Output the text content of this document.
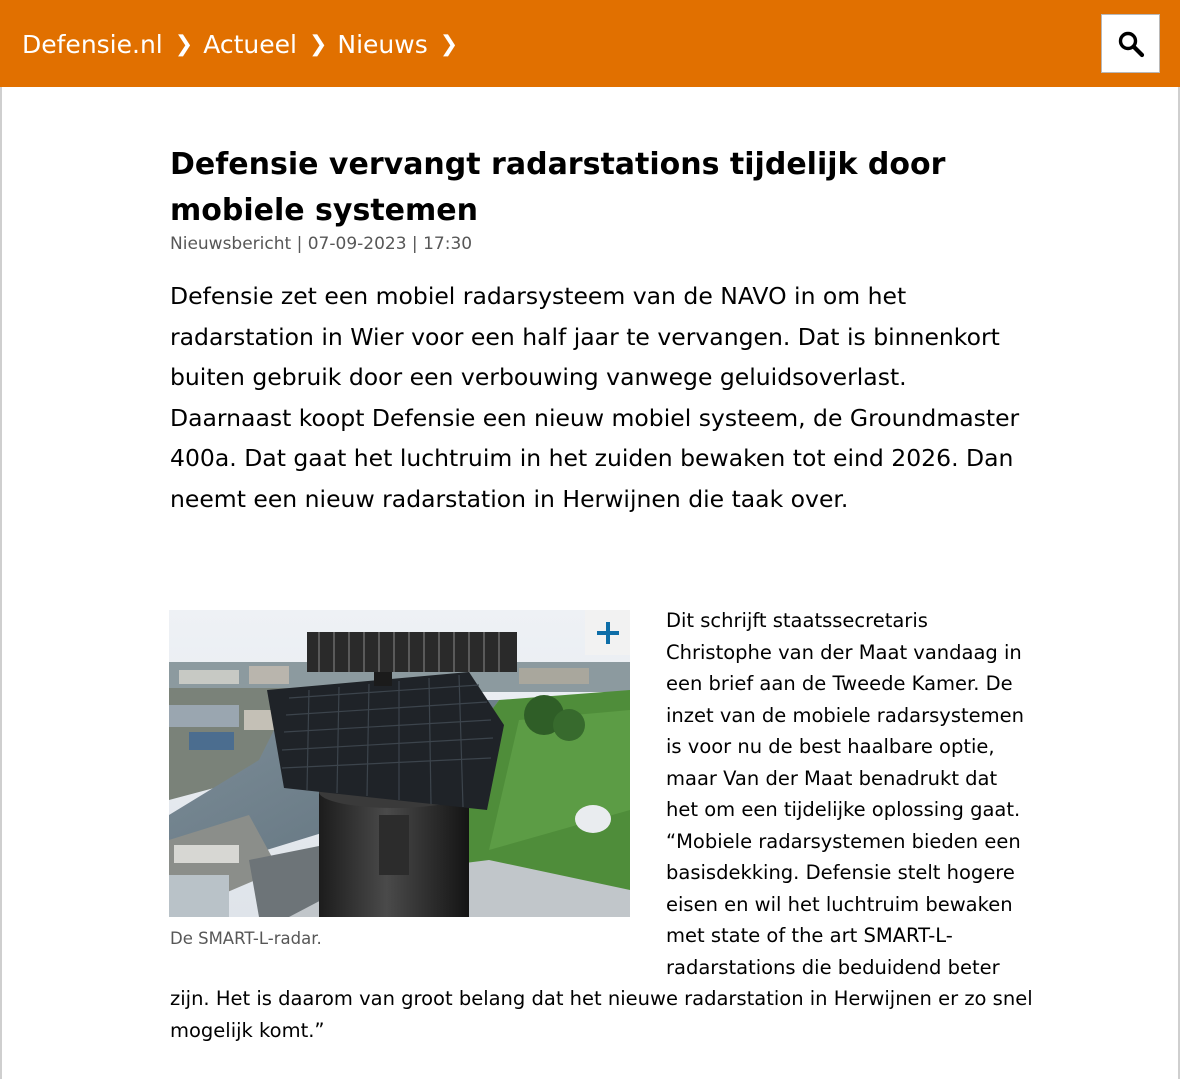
Defensie.nl ❯ Actueel ❯ Nieuws ❯
Defensie vervangt radarstations tijdelijk door mobiele systemen
Nieuwsbericht | 07-09-2023 | 17:30

Defensie zet een mobiel radarsysteem van de NAVO in om het radarstation in Wier voor een half jaar te vervangen. Dat is binnenkort buiten gebruik door een verbouwing vanwege geluidsoverlast. Daarnaast koopt Defensie een nieuw mobiel systeem, de Groundmaster 400a. Dat gaat het luchtruim in het zuiden bewaken tot eind 2026. Dan neemt een nieuw radarstation in Herwijnen die taak over.

De SMART-L-radar.

Dit schrijft staatssecretaris
Christophe van der Maat vandaag in
een brief aan de Tweede Kamer. De
inzet van de mobiele radarsystemen
is voor nu de best haalbare optie,
maar Van der Maat benadrukt dat
het om een tijdelijke oplossing gaat.
“Mobiele radarsystemen bieden een
basisdekking. Defensie stelt hogere
eisen en wil het luchtruim bewaken
met state of the art SMART-L-
radarstations die beduidend beter

zijn. Het is daarom van groot belang dat het nieuwe radarstation in Herwijnen er zo snel
mogelijk komt.”
